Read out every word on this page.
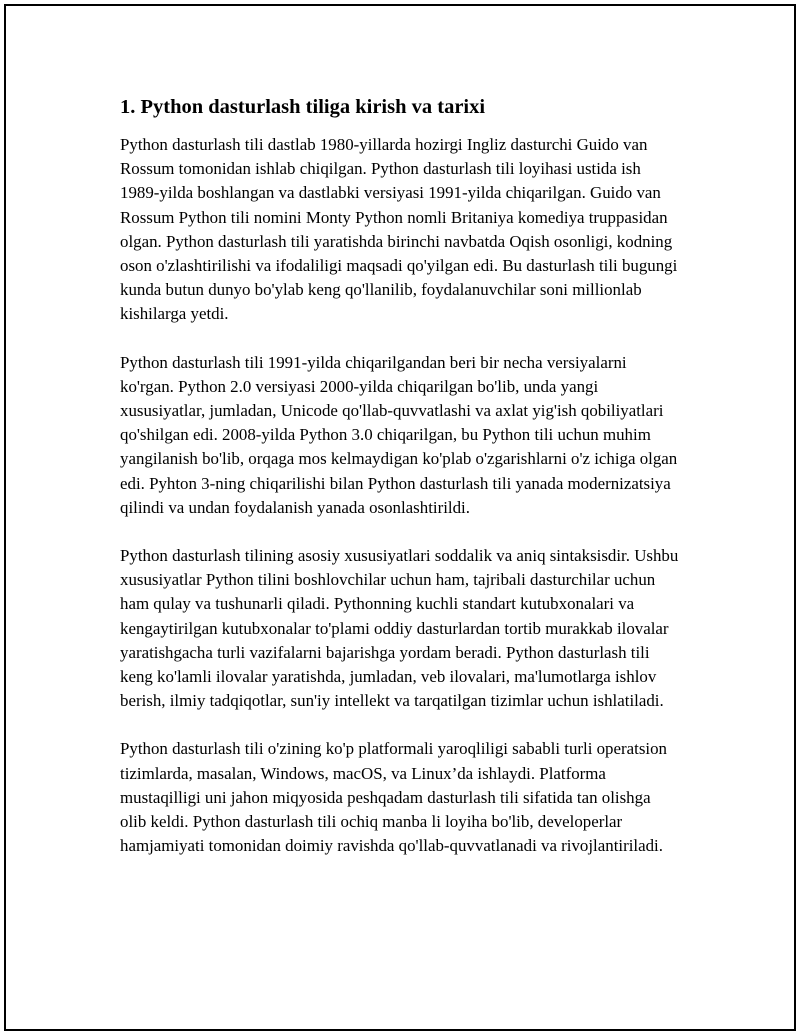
1. Python dasturlash tiliga kirish va tarixi

Python dasturlash tili dastlab 1980-yillarda hozirgi Ingliz dasturchi Guido van Rossum tomonidan ishlab chiqilgan. Python dasturlash tili loyihasi ustida ish 1989-yilda boshlangan va dastlabki versiyasi 1991-yilda chiqarilgan. Guido van Rossum Python tili nomini Monty Python nomli Britaniya komediya truppasidan olgan. Python dasturlash tili yaratishda birinchi navbatda Oqish osonligi, kodning oson o'zlashtirilishi va ifodaliligi maqsadi qo'yilgan edi. Bu dasturlash tili bugungi kunda butun dunyo bo'ylab keng qo'llanilib, foydalanuvchilar soni millionlab kishilarga yetdi.

Python dasturlash tili 1991-yilda chiqarilgandan beri bir necha versiyalarni ko'rgan. Python 2.0 versiyasi 2000-yilda chiqarilgan bo'lib, unda yangi xususiyatlar, jumladan, Unicode qo'llab-quvvatlashi va axlat yig'ish qobiliyatlari qo'shilgan edi. 2008-yilda Python 3.0 chiqarilgan, bu Python tili uchun muhim yangilanish bo'lib, orqaga mos kelmaydigan ko'plab o'zgarishlarni o'z ichiga olgan edi. Pyhton 3-ning chiqarilishi bilan Python dasturlash tili yanada modernizatsiya qilindi va undan foydalanish yanada osonlashtirildi.

Python dasturlash tilining asosiy xususiyatlari soddalik va aniq sintaksisdir. Ushbu xususiyatlar Python tilini boshlovchilar uchun ham, tajribali dasturchilar uchun ham qulay va tushunarli qiladi. Pythonning kuchli standart kutubxonalari va kengaytirilgan kutubxonalar to'plami oddiy dasturlardan tortib murakkab ilovalar yaratishgacha turli vazifalarni bajarishga yordam beradi. Python dasturlash tili keng ko'lamli ilovalar yaratishda, jumladan, veb ilovalari, ma'lumotlarga ishlov berish, ilmiy tadqiqotlar, sun'iy intellekt va tarqatilgan tizimlar uchun ishlatiladi.

Python dasturlash tili o'zining ko'p platformali yaroqliligi sababli turli operatsion tizimlarda, masalan, Windows, macOS, va Linux’da ishlaydi. Platforma mustaqilligi uni jahon miqyosida peshqadam dasturlash tili sifatida tan olishga olib keldi. Python dasturlash tili ochiq manba li loyiha bo'lib, developerlar hamjamiyati tomonidan doimiy ravishda qo'llab-quvvatlanadi va rivojlantiriladi.
